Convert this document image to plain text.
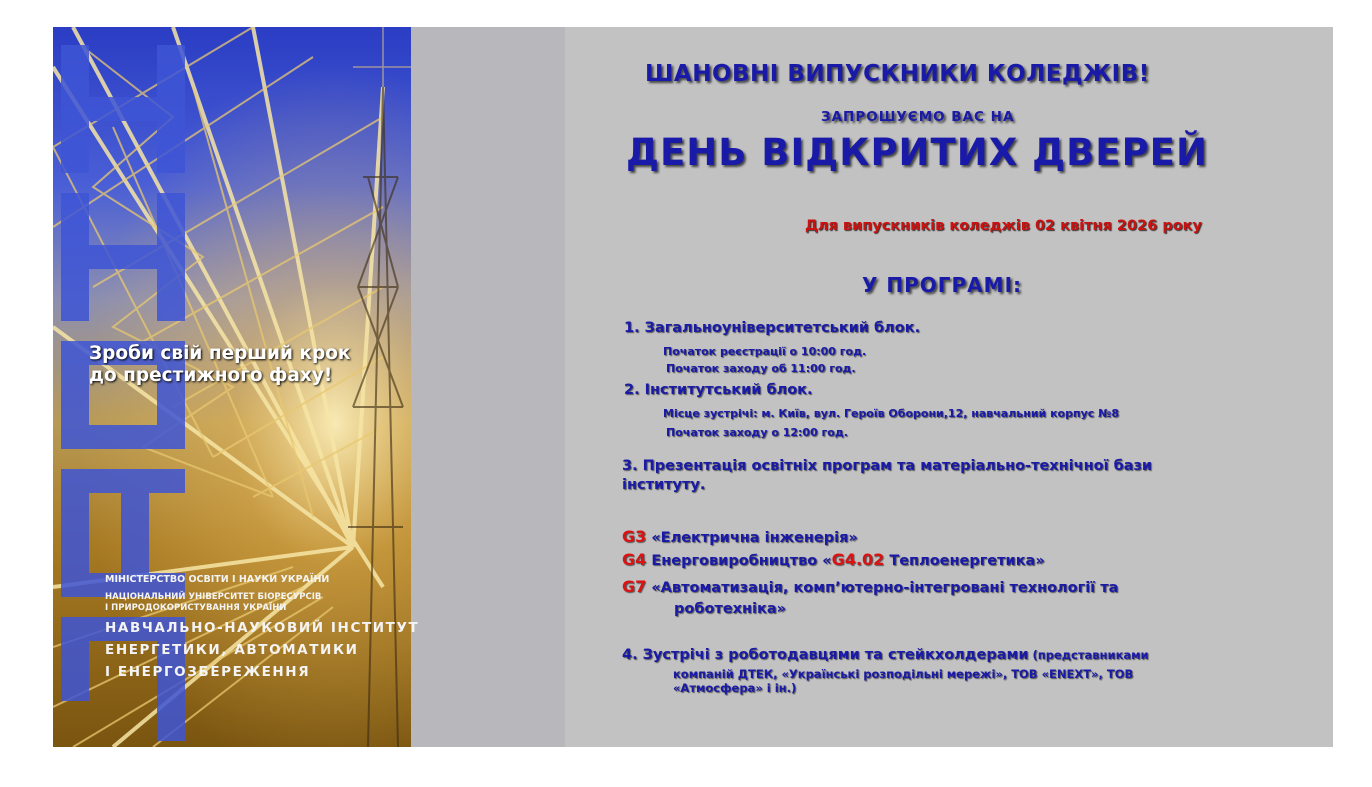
Зроби свій перший крок
до престижного фаху!
МІНІСТЕРСТВО ОСВІТИ І НАУКИ УКРАЇНИ
НАЦІОНАЛЬНИЙ УНІВЕРСИТЕТ БІОРЕСУРСІВ
І ПРИРОДОКОРИСТУВАННЯ УКРАЇНИ
НАВЧАЛЬНО-НАУКОВИЙ ІНСТИТУТ
ЕНЕРГЕТИКИ, АВТОМАТИКИ
І ЕНЕРГОЗБЕРЕЖЕННЯ
ШАНОВНІ ВИПУСКНИКИ КОЛЕДЖІВ!
ЗАПРОШУЄМО ВАС НА
ДЕНЬ ВІДКРИТИХ ДВЕРЕЙ
Для випускників коледжів 02 квітня 2026 року
У ПРОГРАМІ:
1. Загальноуніверситетський блок.
Початок реєстрації о 10:00 год.
Початок заходу об 11:00 год.
2. Інститутський блок.
Місце зустрічі: м. Київ, вул. Героїв Оборони,12, навчальний корпус №8
Початок заходу о 12:00 год.
3. Презентація освітніх програм та матеріально-технічної бази
інституту.
G3 «Електрична інженерія»
G4 Енерговиробництво «G4.02 Теплоенергетика»
G7 «Автоматизація, комп’ютерно-інтегровані технології та
роботехніка»
4. Зустрічі з роботодавцями та стейкхолдерами (представниками
компаній ДТЕК, «Українські розподільні мережі», ТОВ «ENEXT», ТОВ
«Атмосфера» і ін.)
